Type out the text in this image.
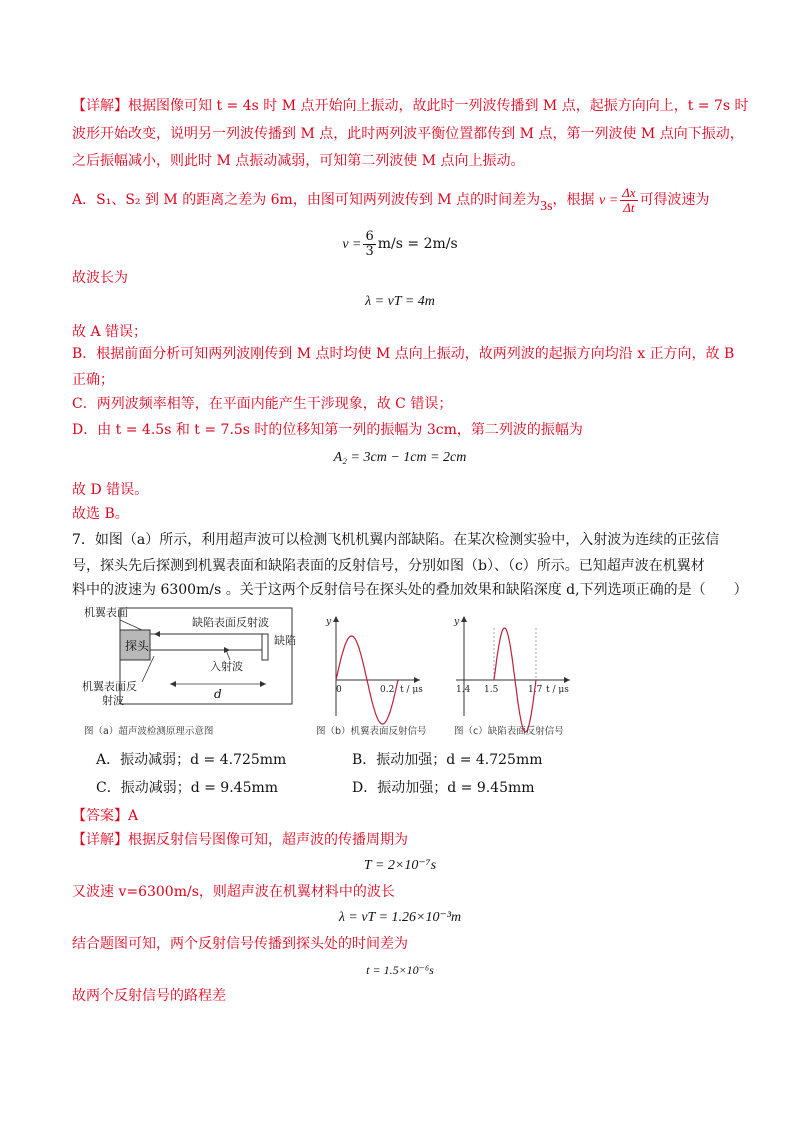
【详解】根据图像可知 t = 4s 时 M 点开始向上振动，故此时一列波传播到 M 点，起振方向向上，t = 7s 时
波形开始改变，说明另一列波传播到 M 点，此时两列波平衡位置都传到 M 点，第一列波使 M 点向下振动，
之后振幅减小，则此时 M 点振动减弱，可知第二列波使 M 点向上振动。
A．S₁、S₂ 到 M 的距离之差为 6m，由图可知两列波传到 M 点的时间差为3s，根据 $v = \frac{\Delta x}{\Delta t}$ 可得波速为
$v = \frac{6}{3} m/s = 2m/s$
故波长为
λ = vT = 4m
故 A 错误；
B．根据前面分析可知两列波刚传到 M 点时均使 M 点向上振动，故两列波的起振方向均沿 x 正方向，故 B
正确；
C．两列波频率相等，在平面内能产生干涉现象，故 C 错误；
D．由 t = 4.5s 和 t = 7.5s 时的位移知第一列的振幅为 3cm，第二列波的振幅为
A₂ = 3cm − 1cm = 2cm
故 D 错误。
故选 B。
7．如图（a）所示，利用超声波可以检测飞机机翼内部缺陷。在某次检测实验中，入射波为连续的正弦信
号，探头先后探测到机翼表面和缺陷表面的反射信号，分别如图（b）、（c）所示。已知超声波在机翼材
料中的波速为 6300m/s 。关于这两个反射信号在探头处的叠加效果和缺陷深度 d,下列选项正确的是（　　）
探头
机翼表面
缺陷表面反射波
缺陷
入射波
机翼表面反
射波	d
图（a）超声波检测原理示意图
y
0	0.2 t / μs
图（b）机翼表面反射信号
y
1.4 1.5	1.7 t / μs
图（c）缺陷表面反射信号
A．振动减弱；d = 4.725mm	B．振动加强；d = 4.725mm
C．振动减弱；d = 9.45mm	D．振动加强；d = 9.45mm
【答案】A
【详解】根据反射信号图像可知，超声波的传播周期为
T = 2×10⁻⁷s
又波速 v=6300m/s，则超声波在机翼材料中的波长
λ = vT = 1.26×10⁻³m
结合题图可知，两个反射信号传播到探头处的时间差为
t = 1.5×10⁻⁶s
故两个反射信号的路程差
